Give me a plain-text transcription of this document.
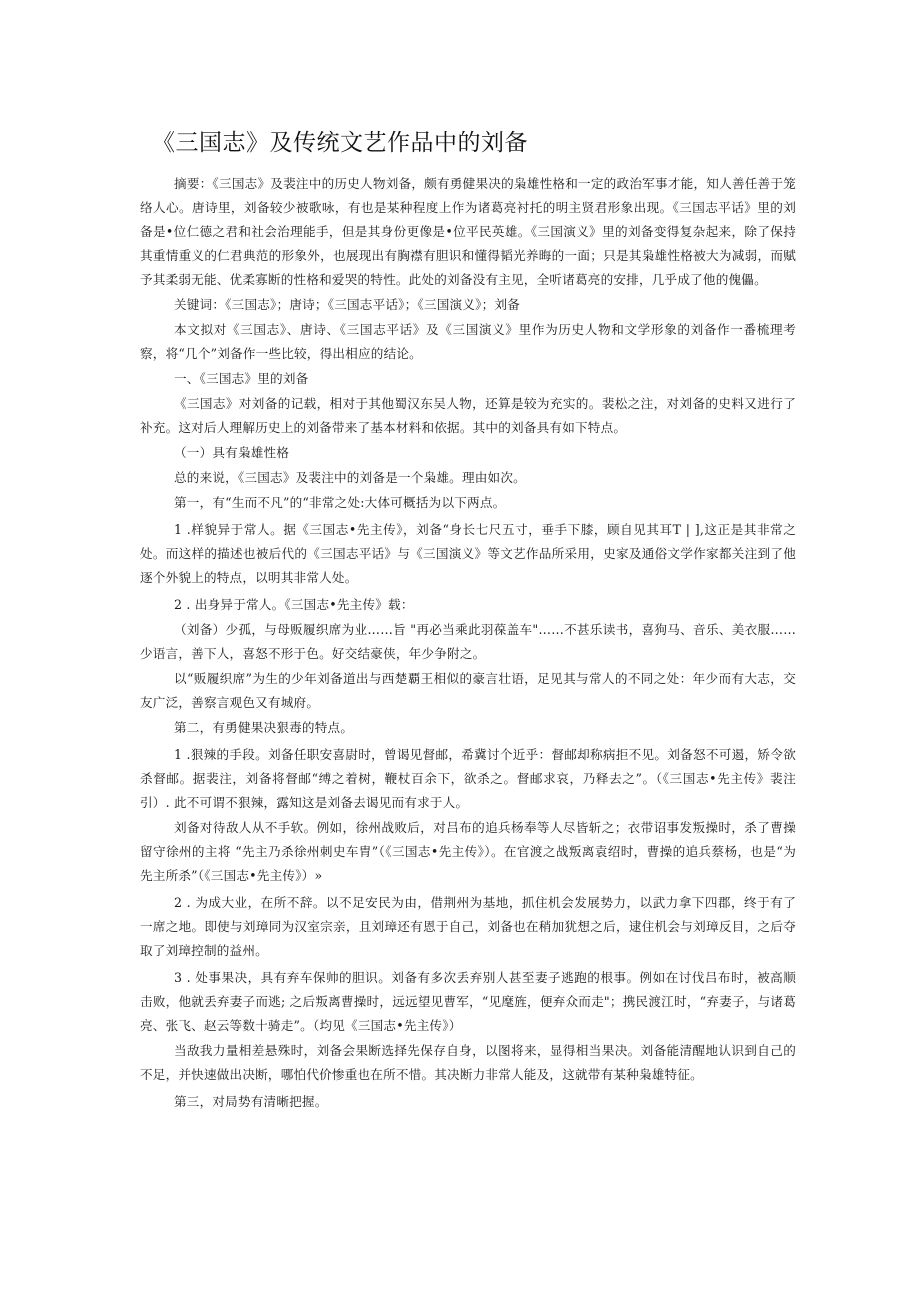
《三国志》及传统文艺作品中的刘备

摘要：《三国志》及裴注中的历史人物刘备，颇有勇健果决的枭雄性格和一定的政治军事才能，知人善任善于笼络人心。唐诗里，刘备较少被歌咏，有也是某种程度上作为诸葛亮衬托的明主贤君形象出现。《三国志平话》里的刘备是•位仁德之君和社会治理能手，但是其身份更像是•位平民英雄。《三国演义》里的刘备变得复杂起来，除了保持其重情重义的仁君典范的形象外，也展现出有胸襟有胆识和懂得韬光养晦的一面；只是其枭雄性格被大为减弱，而赋予其柔弱无能、优柔寡断的性格和爱哭的特性。此处的刘备没有主见，全听诸葛亮的安排，几乎成了他的傀儡。

关键词：《三国志》；唐诗；《三国志平话》；《三国演义》；刘备

本文拟对《三国志》、唐诗、《三国志平话》及《三国演义》里作为历史人物和文学形象的刘备作一番梳理考察，将“几个”刘备作一些比较，得出相应的结论。

一、《三国志》里的刘备

《三国志》对刘备的记载，相对于其他蜀汉东吴人物，还算是较为充实的。裴松之注，对刘备的史料又进行了补充。这对后人理解历史上的刘备带来了基本材料和依据。其中的刘备具有如下特点。

（一）具有枭雄性格

总的来说，《三国志》及裴注中的刘备是一个枭雄。理由如次。

第一，有“生而不凡”的“非常之处:大体可概括为以下两点。

1 .样貌异于常人。据《三国志•先主传》，刘备“身长七尺五寸，垂手下膝，顾自见其耳T | ],这正是其非常之处。而这样的描述也被后代的《三国志平话》与《三国演义》等文艺作品所采用，史家及通俗文学作家都关注到了他逐个外貌上的特点，以明其非常人处。

2 . 出身异于常人。《三国志•先主传》载：

（刘备）少孤，与母贩履织席为业……旨 "再必当乘此羽葆盖车"……不甚乐读书，喜狗马、音乐、美衣服……少语言，善下人，喜怒不形于色。好交结豪侠，年少争附之。

以“贩履织席”为生的少年刘备道出与西楚覇王相似的豪言壮语，足见其与常人的不同之处：年少而有大志，交友广泛，善察言观色又有城府。

第二，有勇健果决狠毒的特点。

1 .狠辣的手段。刘备任职安喜尉时，曾谒见督邮，希冀讨个近乎：督邮却称病拒不见。刘备怒不可遏，矫令欲杀督邮。据裴注，刘备将督邮“缚之着树，鞭杖百余下，欲杀之。督邮求哀，乃释去之”。（《三国志•先主传》裴注引）. 此不可谓不狠辣，露知这是刘备去谒见而有求于人。

刘备对待敌人从不手软。例如，徐州战败后，对吕布的追兵杨奉等人尽皆斩之；衣带诏事发叛操时，杀了曹操留守徐州的主将 “先主乃杀徐州刺史车胄”（《三国志•先主传》）。在官渡之战叛离袁绍时，曹操的追兵蔡杨，也是“为先主所杀”（《三国志•先主传》）»

2 . 为成大业，在所不辞。以不足安民为由，借荆州为基地，抓住机会发展势力，以武力拿下四郡，终于有了一席之地。即使与刘璋同为汉室宗亲，且刘璋还有恩于自己，刘备也在稍加犹想之后，逮住机会与刘璋反目，之后夺取了刘璋控制的益州。

3 . 处事果决，具有弃车保帅的胆识。刘备有多次丢弃别人甚至妻子逃跑的根事。例如在讨伐吕布时，被高顺击败，他就丢弃妻子而逃; 之后叛离曹操时，远远望见曹军，“见麾旌，便弃众而走"；携民渡江时，“弃妻子，与诸葛亮、张飞、赵云等数十骑走”。（均见《三国志•先主传》）

当敌我力量相差悬殊时，刘备会果断选择先保存自身，以图将来，显得相当果决。刘备能清醒地认识到自己的不足，并快速做出决断，哪怕代价惨重也在所不惜。其决断力非常人能及，这就带有某种枭雄特征。

第三，对局势有清晰把握。
